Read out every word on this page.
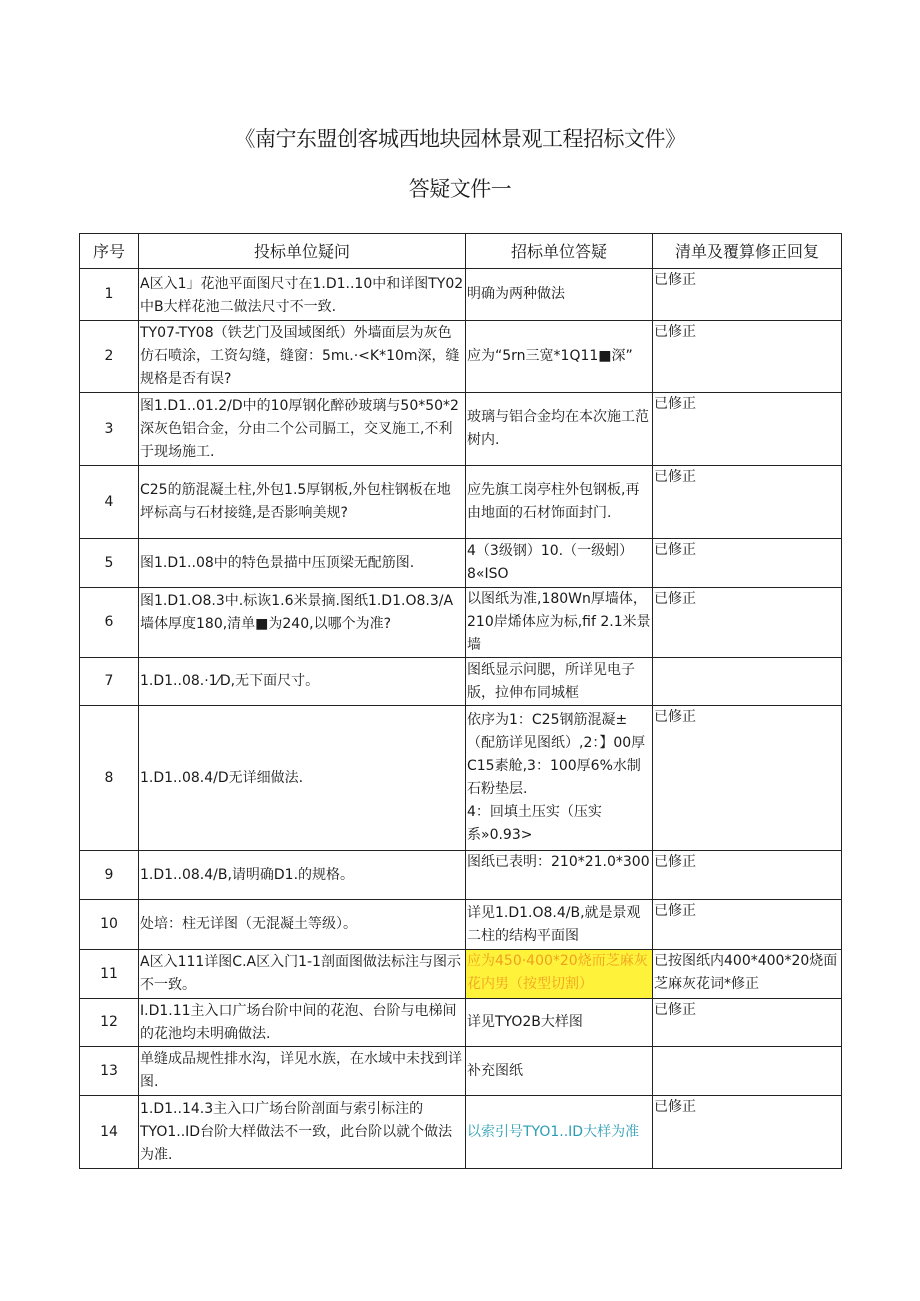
《南宁东盟创客城西地块园林景观工程招标文件》
答疑文件一
序号	投标单位疑问	招标单位答疑	清单及覆算修正回复
1	A区入1」花池平面图尺寸在1.D1..10中和详图TY02中B大样花池二做法尺寸不一致.	明确为两种做法	已修正
2	TY07-TY08（铁艺门及国域图纸）外墙面层为灰色仿石喷涂，工资勾缝，缝窗：5mι.·<K*10m深，缝规格是否有误?	应为“5rn三宽*1Q11■深”	已修正
3	图1.D1..01.2/D中的10厚钢化醉砂玻璃与50*50*2深灰色铝合金，分由二个公司膈工，交叉施工,不利于现场施工.	玻璃与铝合金均在本次施工范树内.	已修正
4	C25的筋混凝土柱,外包1.5厚钢板,外包柱钢板在地坪标高与石材接缝,是否影响美规?	应先旗工岗亭柱外包钢板,再由地面的石材饰面封门.	已修正
5	图1.D1..08中的特色景描中压顶梁无配筋图.	4（3级钢）10.（一级蚓）8«ISO	已修正
6	图1.D1.O8.3中.标诙1.6米景摘.图纸1.D1.O8.3/A墙体厚度180,清单■为240,以哪个为准?	以图纸为准,180Wn厚墙体，210岸烯体应为标,fif 2.1米景墙	已修正
7	1.D1..08.·1⁄D,无下面尺寸。	图纸显示问腮，所详见电子版，拉伸布同城框	
8	1.D1..08.4/D无详细做法.	依序为1：C25钢筋混凝±（配筋详见图纸）,2：】00厚C15素舱,3：100厚6%水制石粉垫层.
4：回填土压实（压实系»0.93>	已修正
9	1.D1..08.4/B,请明确D1.的规格。	图纸已表明：210*21.0*300	已修正
10	处培：柱无详图（无混凝土等级）。	详见1.D1.O8.4/B,就是景观二柱的结构平面图	已修正
11	A区入111详图C.A区入门1-1剖面图做法标注与图示不一致。	应为450·400*20烧而芝麻灰花内男（按型切割）	已按图纸内400*400*20烧面芝麻灰花词*修正

12	I.D1.11主入口广场台阶中间的花泡、台阶与电梯间的花池均未明确做法.	详见TYO2B大样图	已修正
13	单缝成品规性排水沟，详见水族，在水域中未找到详图.	补充图纸	
14	1.D1..14.3主入口广场台阶剖面与索引标注的TYO1..ID台阶大样做法不一致，此台阶以就个做法为准.	以索引号TYO1..ID大样为准	已修正
